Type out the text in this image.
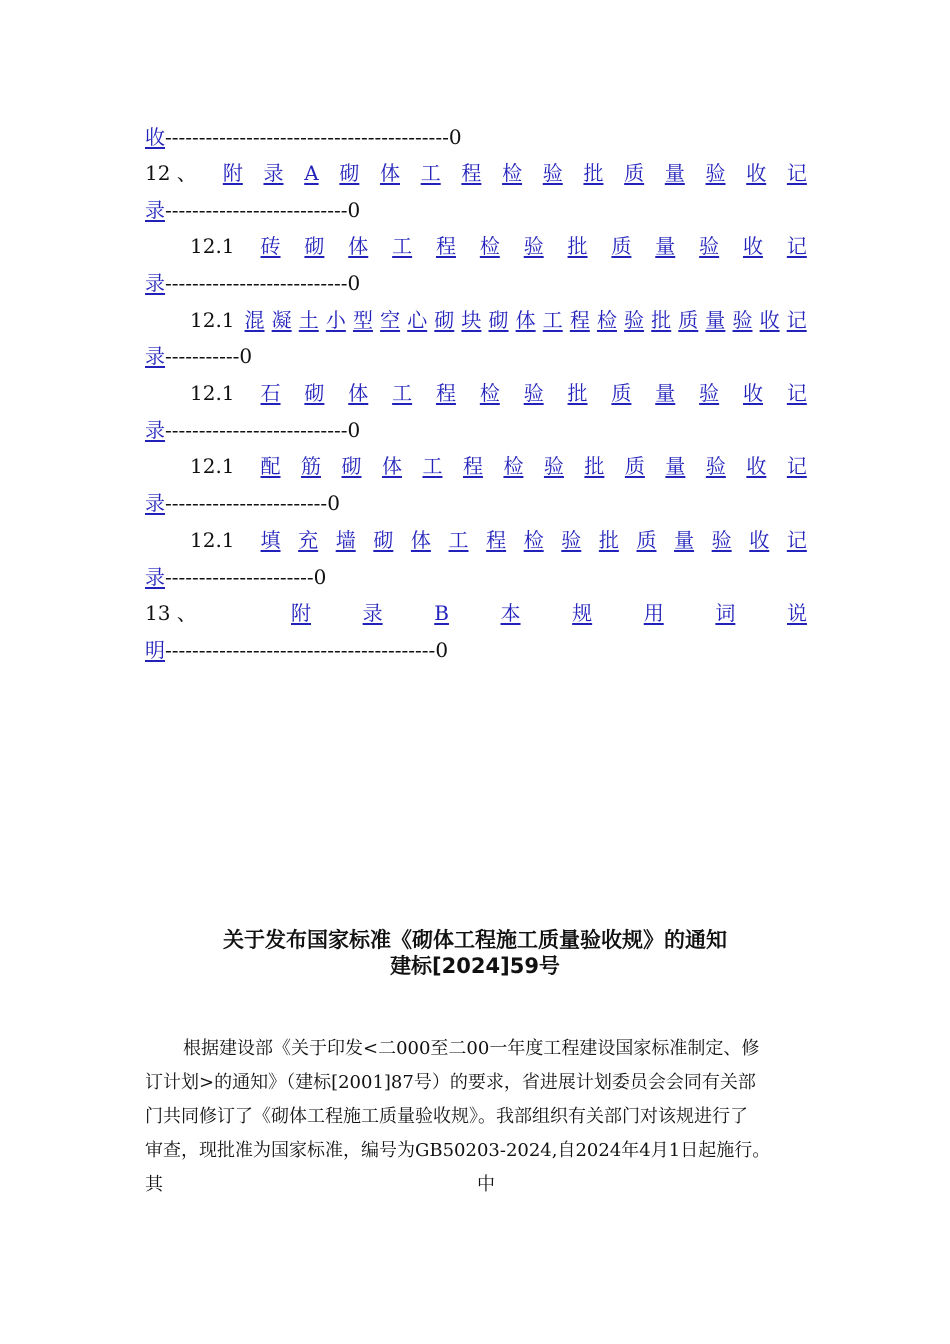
收------------------------------------------0
12 、 附 录 A 砌 体 工 程 检 验 批 质 量 验 收 记
录---------------------------0
12.1 砖 砌 体 工 程 检 验 批 质 量 验 收 记
录---------------------------0
12.1 混 凝 土 小 型 空 心 砌 块 砌 体 工 程 检 验 批 质 量 验 收 记
录-----------0
12.1 石 砌 体 工 程 检 验 批 质 量 验 收 记
录---------------------------0
12.1 配 筋 砌 体 工 程 检 验 批 质 量 验 收 记
录------------------------0
12.1 填 充 墙 砌 体 工 程 检 验 批 质 量 验 收 记
录----------------------0
13 、	附	录	B	本	规	用	词	说
明----------------------------------------0
关于发布国家标准《砌体工程施工质量验收规》的通知
建标[2024]59号
根据建设部《关于印发<二000至二00一年度工程建设国家标准制定、修
订计划>的通知》（建标[2001]87号）的要求，省进展计划委员会会同有关部
门共同修订了《砌体工程施工质量验收规》。我部组织有关部门对该规进行了
审查，现批准为国家标准，编号为GB50203-2024,自2024年4月1日起施行。
其	中
